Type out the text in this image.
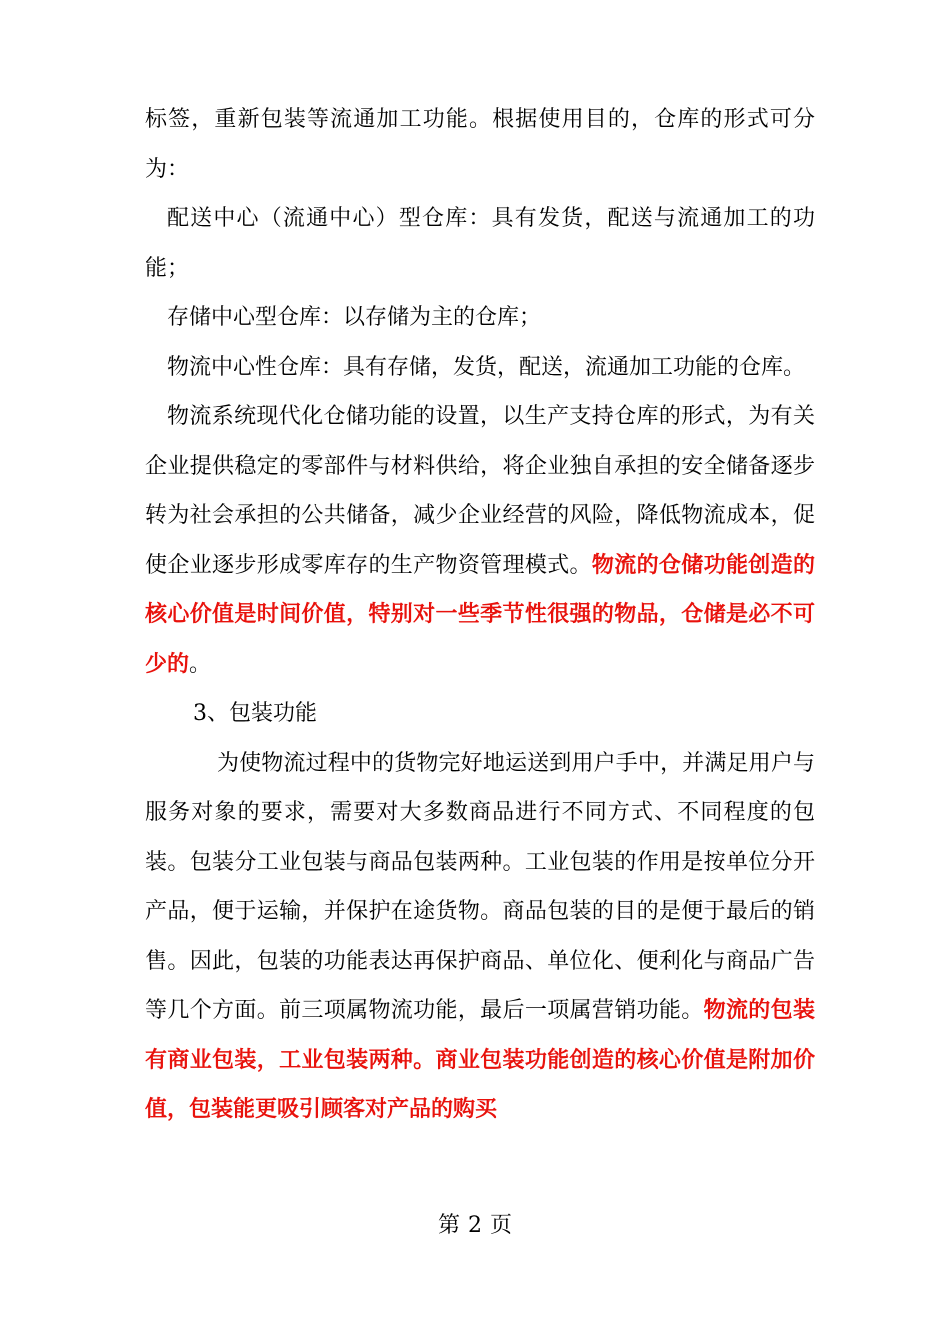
标签，重新包装等流通加工功能。根据使用目的，仓库的形式可分为：

配送中心（流通中心）型仓库：具有发货，配送与流通加工的功能；

存储中心型仓库：以存储为主的仓库；

物流中心性仓库：具有存储，发货，配送，流通加工功能的仓库。

物流系统现代化仓储功能的设置，以生产支持仓库的形式，为有关企业提供稳定的零部件与材料供给，将企业独自承担的安全储备逐步转为社会承担的公共储备，减少企业经营的风险，降低物流成本，促使企业逐步形成零库存的生产物资管理模式。物流的仓储功能创造的核心价值是时间价值，特别对一些季节性很强的物品，仓储是必不可少的。

3、包装功能

为使物流过程中的货物完好地运送到用户手中，并满足用户与服务对象的要求，需要对大多数商品进行不同方式、不同程度的包装。包装分工业包装与商品包装两种。工业包装的作用是按单位分开产品，便于运输，并保护在途货物。商品包装的目的是便于最后的销售。因此，包装的功能表达再保护商品、单位化、便利化与商品广告等几个方面。前三项属物流功能，最后一项属营销功能。物流的包装有商业包装，工业包装两种。商业包装功能创造的核心价值是附加价值，包装能更吸引顾客对产品的购买

第 2 页
